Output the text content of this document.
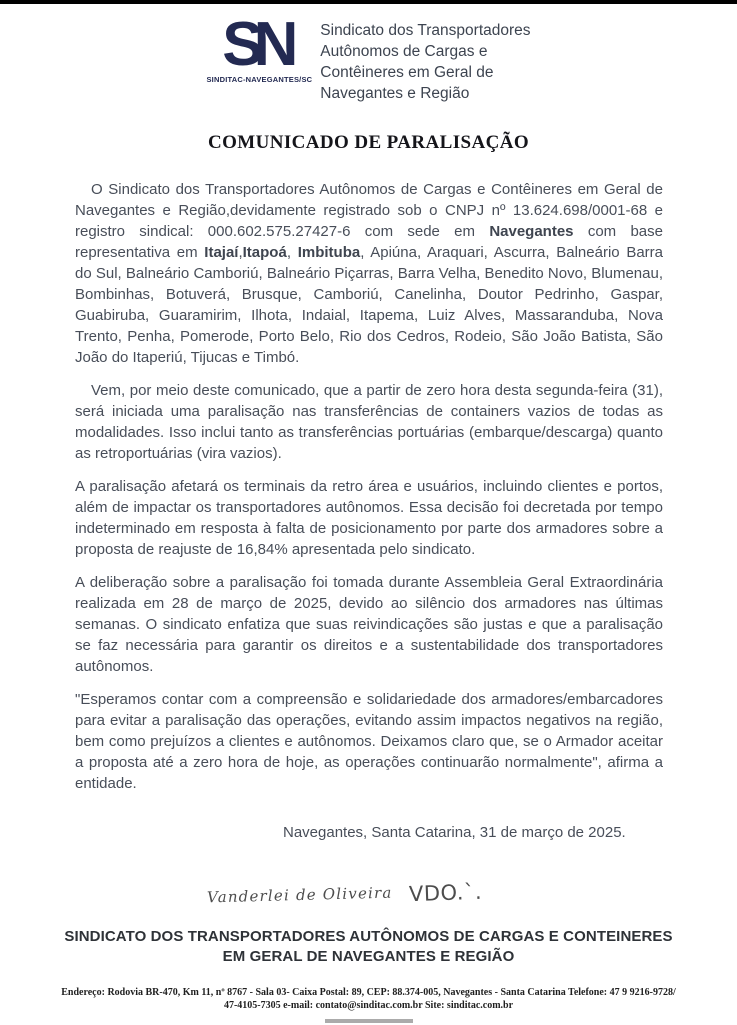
SN
SINDITAC-NAVEGANTES/SC
Sindicato dos Transportadores
Autônomos de Cargas e
Contêineres em Geral de
Navegantes e Região
COMUNICADO DE PARALISAÇÃO

O Sindicato dos Transportadores Autônomos de Cargas e Contêineres em Geral de Navegantes e Região,devidamente registrado sob o CNPJ nº 13.624.698/0001-68 e registro sindical: 000.602.575.27427-6 com sede em Navegantes com base representativa em Itajaí,Itapoá, Imbituba, Apiúna, Araquari, Ascurra, Balneário Barra do Sul, Balneário Camboriú, Balneário Piçarras, Barra Velha, Benedito Novo, Blumenau, Bombinhas, Botuverá, Brusque, Camboriú, Canelinha, Doutor Pedrinho, Gaspar, Guabiruba, Guaramirim, Ilhota, Indaial, Itapema, Luiz Alves, Massaranduba, Nova Trento, Penha, Pomerode, Porto Belo, Rio dos Cedros, Rodeio, São João Batista, São João do Itaperiú, Tijucas e Timbó.

Vem, por meio deste comunicado, que a partir de zero hora desta segunda-feira (31), será iniciada uma paralisação nas transferências de containers vazios de todas as modalidades. Isso inclui tanto as transferências portuárias (embarque/descarga) quanto as retroportuárias (vira vazios).

A paralisação afetará os terminais da retro área e usuários, incluindo clientes e portos, além de impactar os transportadores autônomos. Essa decisão foi decretada por tempo indeterminado em resposta à falta de posicionamento por parte dos armadores sobre a proposta de reajuste de 16,84% apresentada pelo sindicato.

A deliberação sobre a paralisação foi tomada durante Assembleia Geral Extraordinária realizada em 28 de março de 2025, devido ao silêncio dos armadores nas últimas semanas. O sindicato enfatiza que suas reivindicações são justas e que a paralisação se faz necessária para garantir os direitos e a sustentabilidade dos transportadores autônomos.

"Esperamos contar com a compreensão e solidariedade dos armadores/embarcadores para evitar a paralisação das operações, evitando assim impactos negativos na região, bem como prejuízos a clientes e autônomos. Deixamos claro que, se o Armador aceitar a proposta até a zero hora de hoje, as operações continuarão normalmente", afirma a entidade.

Navegantes, Santa Catarina, 31 de março de 2025.
Vanderlei de Oliveira VDO.`.
SINDICATO DOS TRANSPORTADORES AUTÔNOMOS DE CARGAS E CONTEINERES
EM GERAL DE NAVEGANTES E REGIÃO
Endereço: Rodovia BR-470, Km 11, nº 8767 - Sala 03- Caixa Postal: 89, CEP: 88.374-005, Navegantes - Santa Catarina Telefone: 47 9 9216-9728/
47-4105-7305 e-mail: contato@sinditac.com.br Site: sinditac.com.br
